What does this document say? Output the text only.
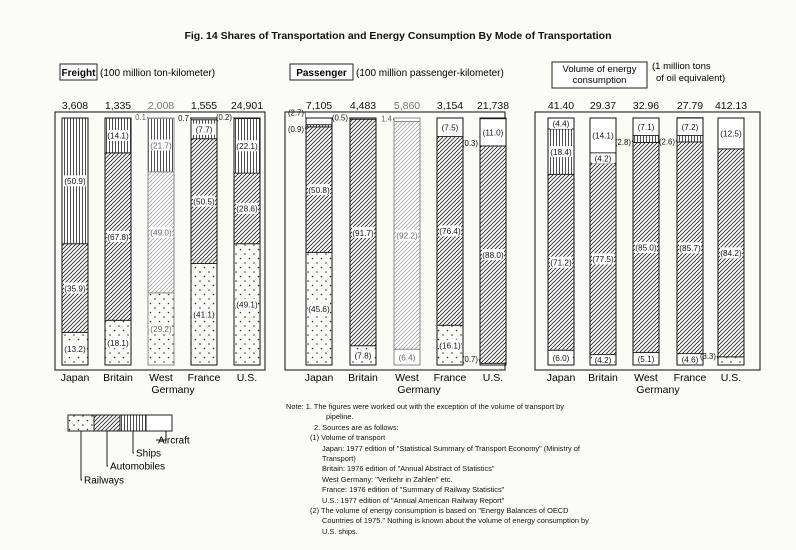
Fig. 14 Shares of Transportation and Energy Consumption By Mode of Transportation
Freight (100 million ton-kilometer)
3,608
(13.2)
(35.9)
(50.9)
Japan
1,335
(18.1)
(67.8)
(14.1)
Britain
2,008
(29.2)
(49.0)
(21.7)
0.1
West
Germany
1,555
(41.1)
(50.5)
(7.7)
0.7
France
24,901
(49.1)
(28.6)
(22.1)
(0.2)
U.S.
Passenger (100 million passenger-kilometer)
7,105
(45.6)
(50.8)
(0.9)
(2.7)
Japan
4,483
(7.8)
(91.7)
(0.5)
Britain
5,860
(6.4)
(92.2)
1.4
West
Germany
3,154
(16.1)
(76.4)
(7.5)
France
21,738
(88.0)
(11.0)
(0.7)
(0.3)
U.S.
Volume of energy
consumption
(1 million tons
of oil equivalent)
41.40
(6.0)
(71.2)
(18.4)
(4.4)
Japan
29.37
(4.2)
(77.5)
(4.2)
(14.1)
Britain
32.96
(5.1)
(85.0)
(7.1)
(2.8)
West
Germany
27.79
(4.6)
(85.7)
(7.2)
(2.6)
France
412.13
(84.2)
(12.5)
(3.3)
U.S.
Railways
Automobiles
Ships
Aircraft
Note: 1. The figures were worked out with the exception of the volume of transport by
pipeline.
2. Sources are as follows:
(1) Volume of transport
Japan: 1977 edition of "Statistical Summary of Transport Economy" (Ministry of
Transport)
Britain: 1976 edition of "Annual Abstract of Statistics"
West Germany: "Verkehr in Zahlen" etc.
France: 1976 edition of "Summary of Railway Statistics"
U.S.: 1977 edition of "Annual American Railway Report"
(2) The volume of energy consumption is based on "Energy Balances of OECD
Countries of 1975." Nothing is known about the volume of energy consumption by
U.S. ships.
